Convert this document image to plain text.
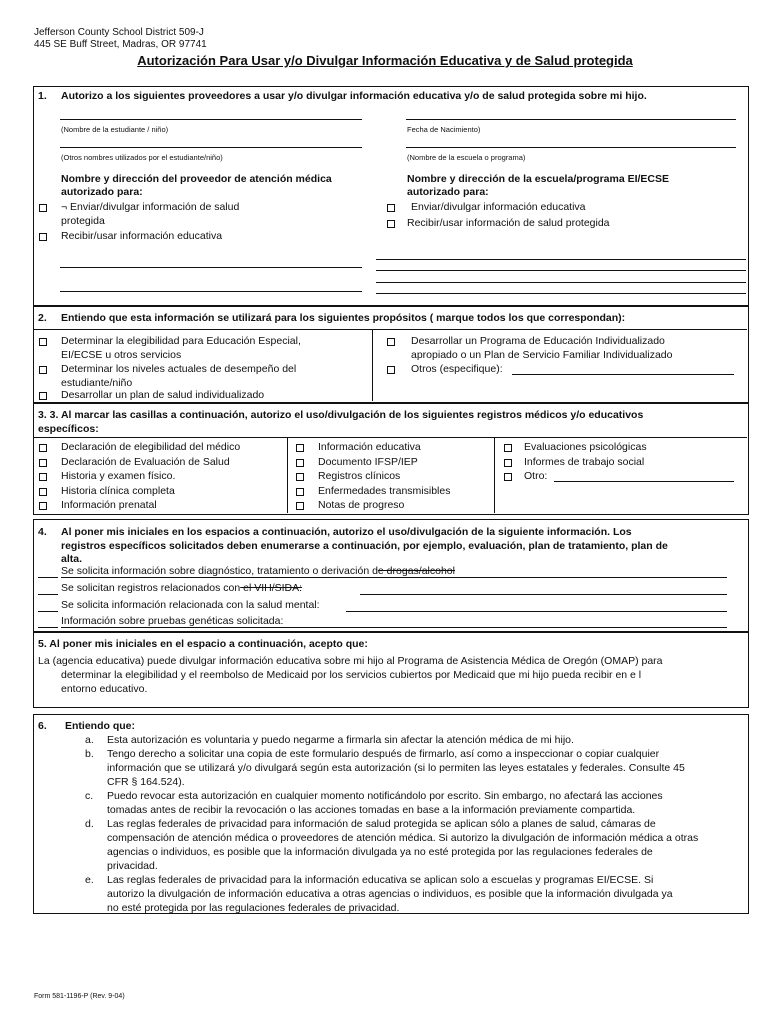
Jefferson County School District 509-J
445 SE Buff Street, Madras, OR 97741
Autorización Para Usar y/o Divulgar Información Educativa y de Salud protegida
1. Autorizo a los siguientes proveedores a usar y/o divulgar información educativa y/o de salud protegida sobre mi hijo.
(Nombre de la estudiante / niño)	Fecha de Nacimiento)
(Otros nombres utilizados por el estudiante/niño)	(Nombre de la escuela o programa)
Nombre y dirección del proveedor de atención médica
autorizado para:
¬ Enviar/divulgar información de salud
protegida
Recibir/usar información educativa
Nombre y dirección de la escuela/programa EI/ECSE
autorizado para:
Enviar/divulgar información educativa
Recibir/usar información de salud protegida
2. Entiendo que esta información se utilizará para los siguientes propósitos ( marque todos los que correspondan):
Determinar la elegibilidad para Educación Especial,
EI/ECSE u otros servicios
Determinar los niveles actuales de desempeño del
estudiante/niño
Desarrollar un plan de salud individualizado
Desarrollar un Programa de Educación Individualizado
apropiado o un Plan de Servicio Familiar Individualizado
Otros (especifique):
3. 3. Al marcar las casillas a continuación, autorizo el uso/divulgación de los siguientes registros médicos y/o educativos
específicos:
Declaración de elegibilidad del médico
Declaración de Evaluación de Salud
Historia y examen físico.
Historia clínica completa
Información prenatal
Información educativa
Documento IFSP/IEP
Registros clínicos
Enfermedades transmisibles
Notas de progreso
Evaluaciones psicológicas
Informes de trabajo social
Otro:
4. Al poner mis iniciales en los espacios a continuación, autorizo el uso/divulgación de la siguiente información. Los
registros específicos solicitados deben enumerarse a continuación, por ejemplo, evaluación, plan de tratamiento, plan de
alta.
Se solicita información sobre diagnóstico, tratamiento o derivación de drogas/alcohol
Se solicitan registros relacionados con el VIH/SIDA:
Se solicita información relacionada con la salud mental:
Información sobre pruebas genéticas solicitada:
5. Al poner mis iniciales en el espacio a continuación, acepto que:
La (agencia educativa) puede divulgar información educativa sobre mi hijo al Programa de Asistencia Médica de Oregón (OMAP) para
determinar la elegibilidad y el reembolso de Medicaid por los servicios cubiertos por Medicaid que mi hijo pueda recibir en e l
entorno educativo.
6. Entiendo que:
a. Esta autorización es voluntaria y puedo negarme a firmarla sin afectar la atención médica de mi hijo.
b. Tengo derecho a solicitar una copia de este formulario después de firmarlo, así como a inspeccionar o copiar cualquier
información que se utilizará y/o divulgará según esta autorización (si lo permiten las leyes estatales y federales. Consulte 45
CFR § 164.524).
c. Puedo revocar esta autorización en cualquier momento notificándolo por escrito. Sin embargo, no afectará las acciones
tomadas antes de recibir la revocación o las acciones tomadas en base a la información previamente compartida.
d. Las reglas federales de privacidad para información de salud protegida se aplican sólo a planes de salud, cámaras de
compensación de atención médica o proveedores de atención médica. Si autorizo la divulgación de información médica a otras
agencias o individuos, es posible que la información divulgada ya no esté protegida por las regulaciones federales de
privacidad.
e. Las reglas federales de privacidad para la información educativa se aplican solo a escuelas y programas EI/ECSE. Si
autorizo la divulgación de información educativa a otras agencias o individuos, es posible que la información divulgada ya
no esté protegida por las regulaciones federales de privacidad.
Form 581-1196-P (Rev. 9-04)
